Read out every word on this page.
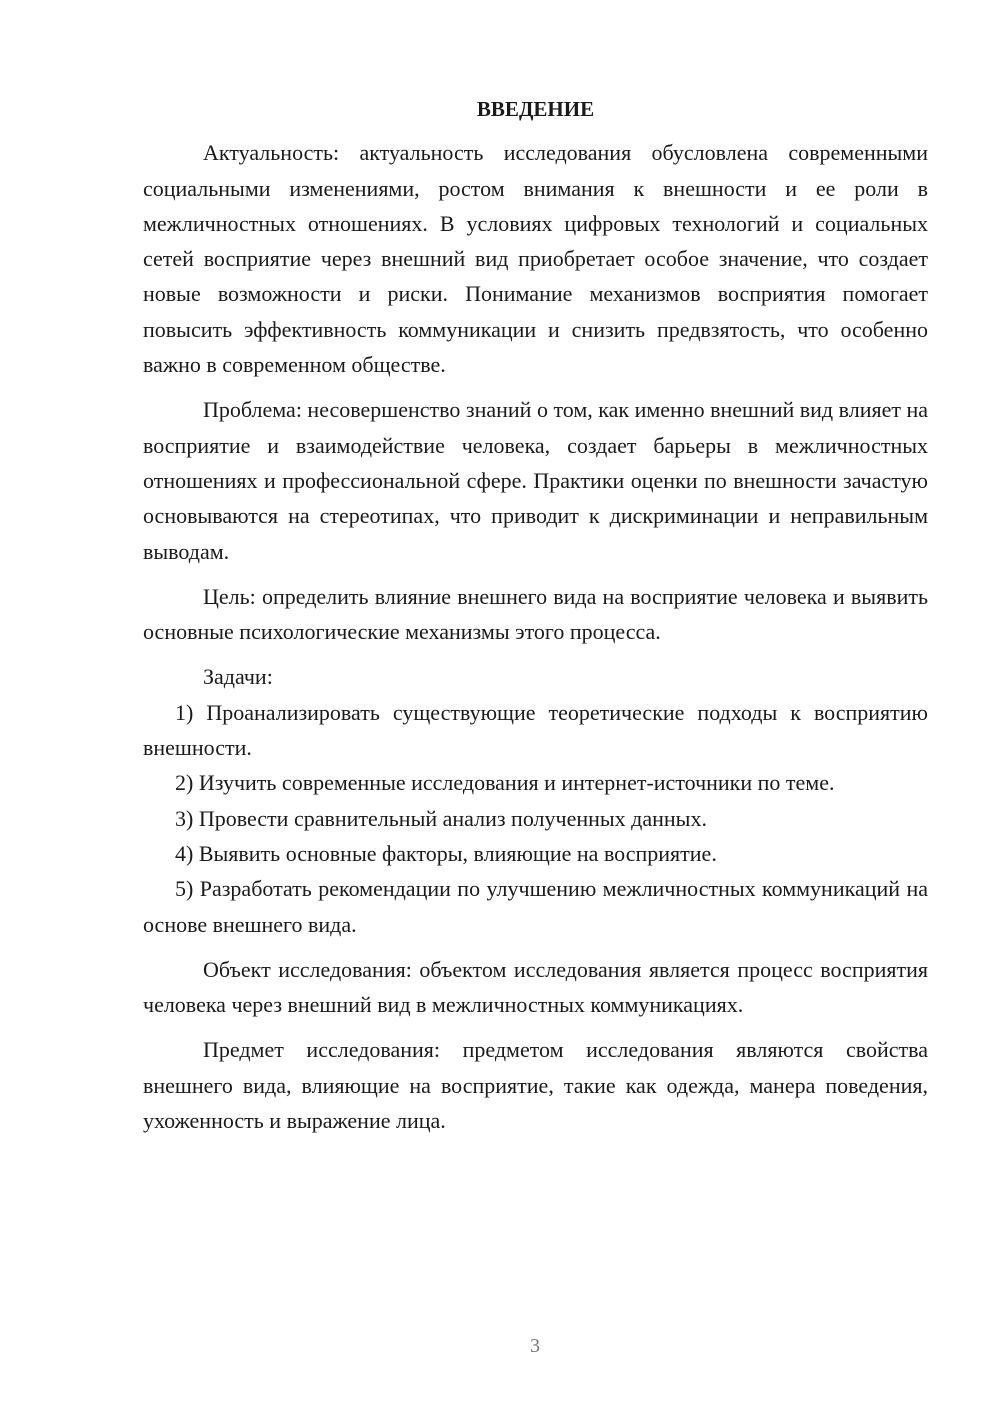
ВВЕДЕНИЕ

Актуальность: актуальность исследования обусловлена современными социальными изменениями, ростом внимания к внешности и ее роли в межличностных отношениях. В условиях цифровых технологий и социальных сетей восприятие через внешний вид приобретает особое значение, что создает новые возможности и риски. Понимание механизмов восприятия помогает повысить эффективность коммуникации и снизить предвзятость, что особенно важно в современном обществе.

Проблема: несовершенство знаний о том, как именно внешний вид влияет на восприятие и взаимодействие человека, создает барьеры в межличностных отношениях и профессиональной сфере. Практики оценки по внешности зачастую основываются на стереотипах, что приводит к дискриминации и неправильным выводам.

Цель: определить влияние внешнего вида на восприятие человека и выявить основные психологические механизмы этого процесса.

Задачи:

1) Проанализировать существующие теоретические подходы к восприятию внешности.

2) Изучить современные исследования и интернет-источники по теме.

3) Провести сравнительный анализ полученных данных.

4) Выявить основные факторы, влияющие на восприятие.

5) Разработать рекомендации по улучшению межличностных коммуникаций на основе внешнего вида.

Объект исследования: объектом исследования является процесс восприятия человека через внешний вид в межличностных коммуникациях.

Предмет исследования: предметом исследования являются свойства внешнего вида, влияющие на восприятие, такие как одежда, манера поведения, ухоженность и выражение лица.

3
